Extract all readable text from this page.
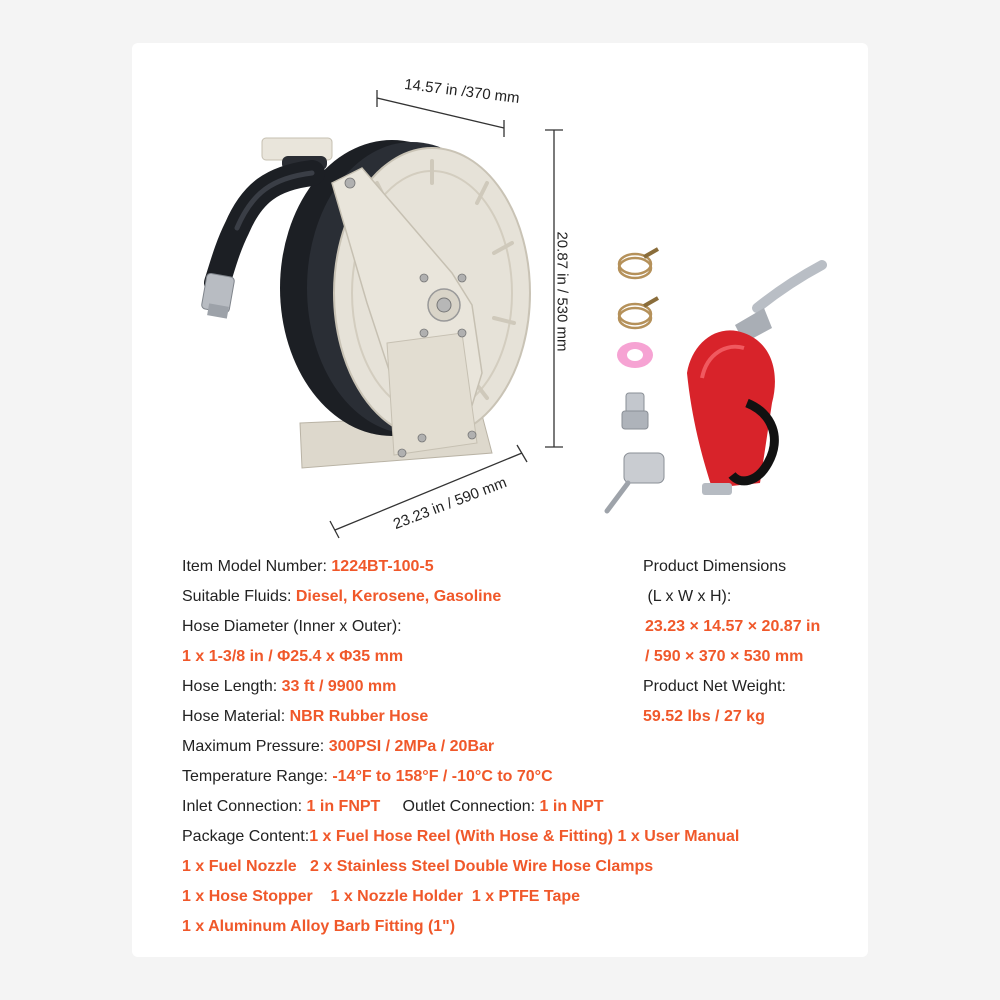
14.57 in /370 mm
20.87 in / 530 mm
23.23 in / 590 mm
Item Model Number: 1224BT-100-5
Suitable Fluids: Diesel, Kerosene, Gasoline
Hose Diameter (Inner x Outer):
1 x 1-3/8 in / Φ25.4 x Φ35 mm
Hose Length: 33 ft / 9900 mm
Hose Material: NBR Rubber Hose
Maximum Pressure: 300PSI / 2MPa / 20Bar
Temperature Range: -14°F to 158°F / -10°C to 70°C
Inlet Connection: 1 in FNPT Outlet Connection: 1 in NPT
Package Content:1 x Fuel Hose Reel (With Hose & Fitting) 1 x User Manual
1 x Fuel Nozzle   2 x Stainless Steel Double Wire Hose Clamps
1 x Hose Stopper    1 x Nozzle Holder  1 x PTFE Tape
1 x Aluminum Alloy Barb Fitting (1")
Product Dimensions
(L x W x H):
23.23 × 14.57 × 20.87 in
/ 590 × 370 × 530 mm
Product Net Weight:
59.52 lbs / 27 kg
